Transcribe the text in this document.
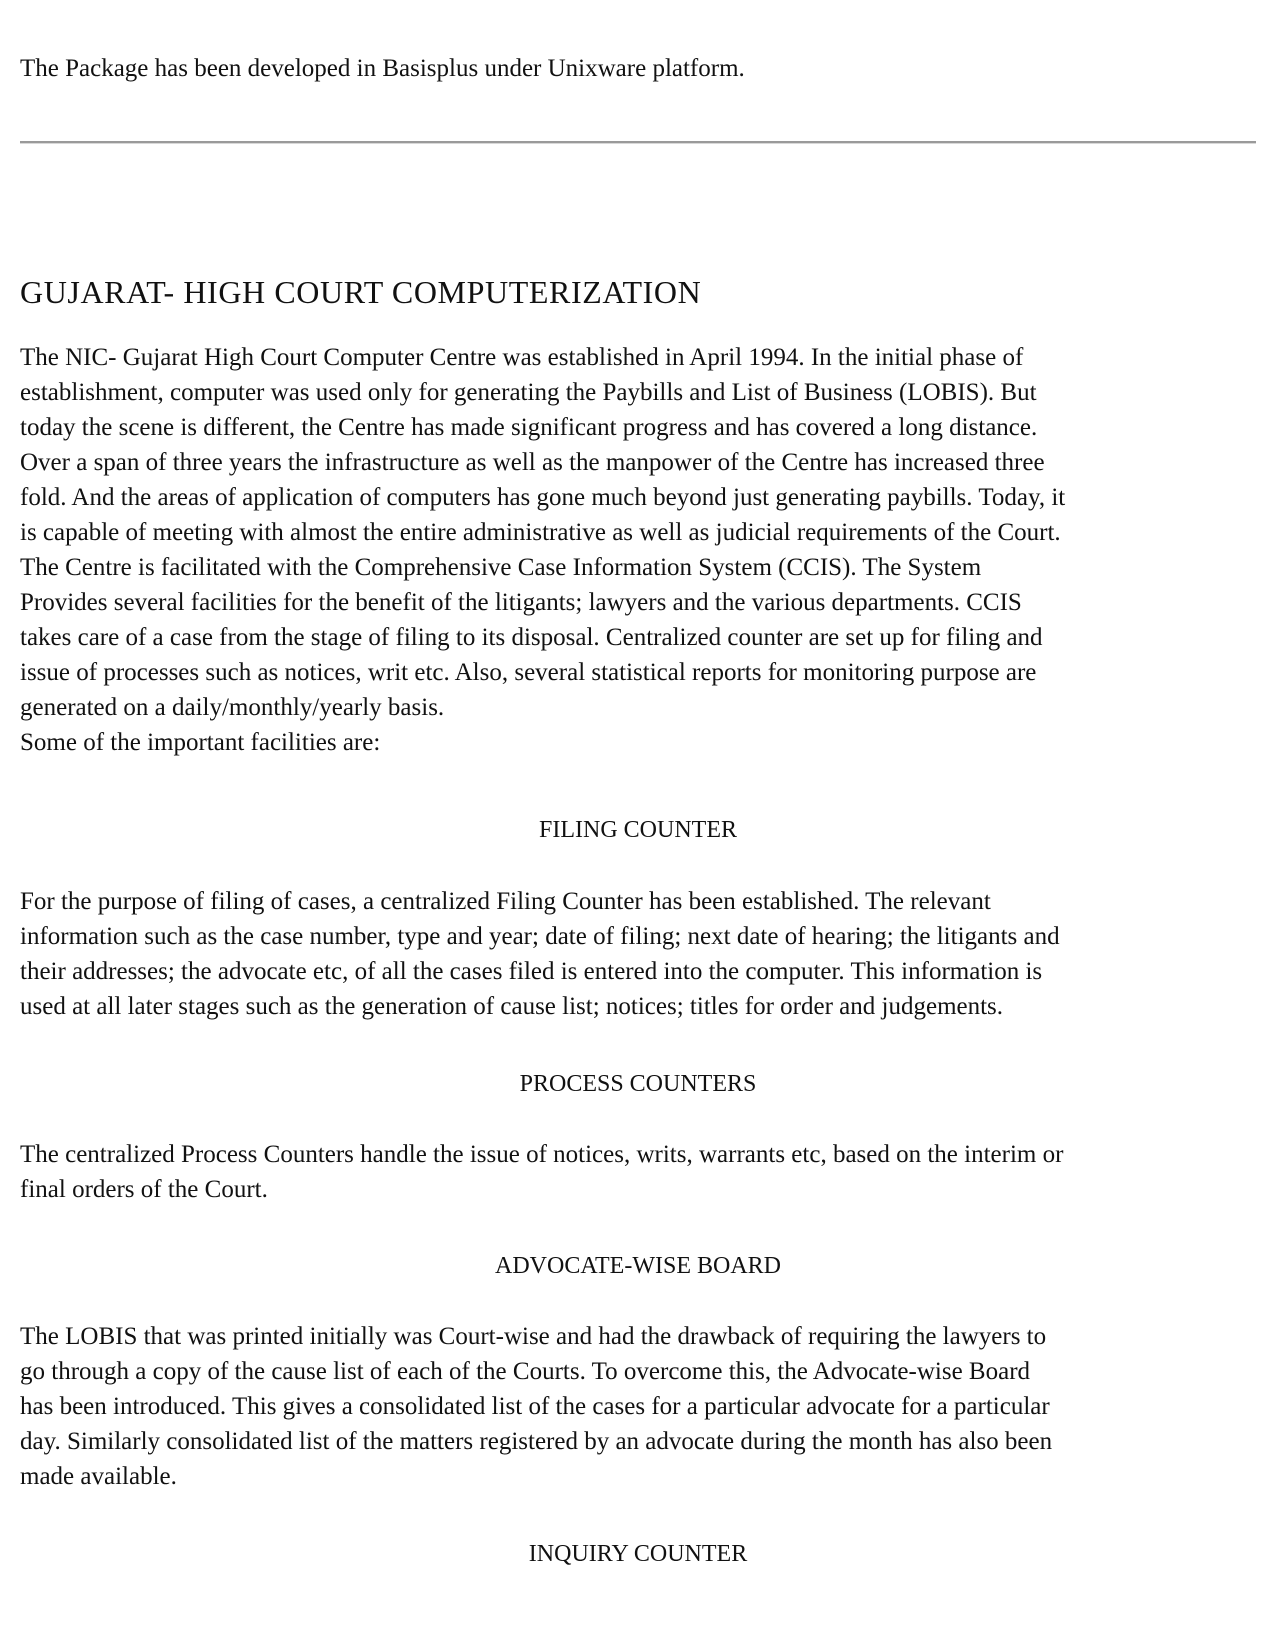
The Package has been developed in Basisplus under Unixware platform.

GUJARAT- HIGH COURT COMPUTERIZATION
The NIC- Gujarat High Court Computer Centre was established in April 1994. In the initial phase of
establishment, computer was used only for generating the Paybills and List of Business (LOBIS). But
today the scene is different, the Centre has made significant progress and has covered a long distance.
Over a span of three years the infrastructure as well as the manpower of the Centre has increased three
fold. And the areas of application of computers has gone much beyond just generating paybills. Today, it
is capable of meeting with almost the entire administrative as well as judicial requirements of the Court.
The Centre is facilitated with the Comprehensive Case Information System (CCIS). The System
Provides several facilities for the benefit of the litigants; lawyers and the various departments. CCIS
takes care of a case from the stage of filing to its disposal. Centralized counter are set up for filing and
issue of processes such as notices, writ etc. Also, several statistical reports for monitoring purpose are
generated on a daily/monthly/yearly basis.
Some of the important facilities are:
FILING COUNTER
For the purpose of filing of cases, a centralized Filing Counter has been established. The relevant
information such as the case number, type and year; date of filing; next date of hearing; the litigants and
their addresses; the advocate etc, of all the cases filed is entered into the computer. This information is
used at all later stages such as the generation of cause list; notices; titles for order and judgements.
PROCESS COUNTERS
The centralized Process Counters handle the issue of notices, writs, warrants etc, based on the interim or
final orders of the Court.
ADVOCATE-WISE BOARD
The LOBIS that was printed initially was Court-wise and had the drawback of requiring the lawyers to
go through a copy of the cause list of each of the Courts. To overcome this, the Advocate-wise Board
has been introduced. This gives a consolidated list of the cases for a particular advocate for a particular
day. Similarly consolidated list of the matters registered by an advocate during the month has also been
made available.
INQUIRY COUNTER
